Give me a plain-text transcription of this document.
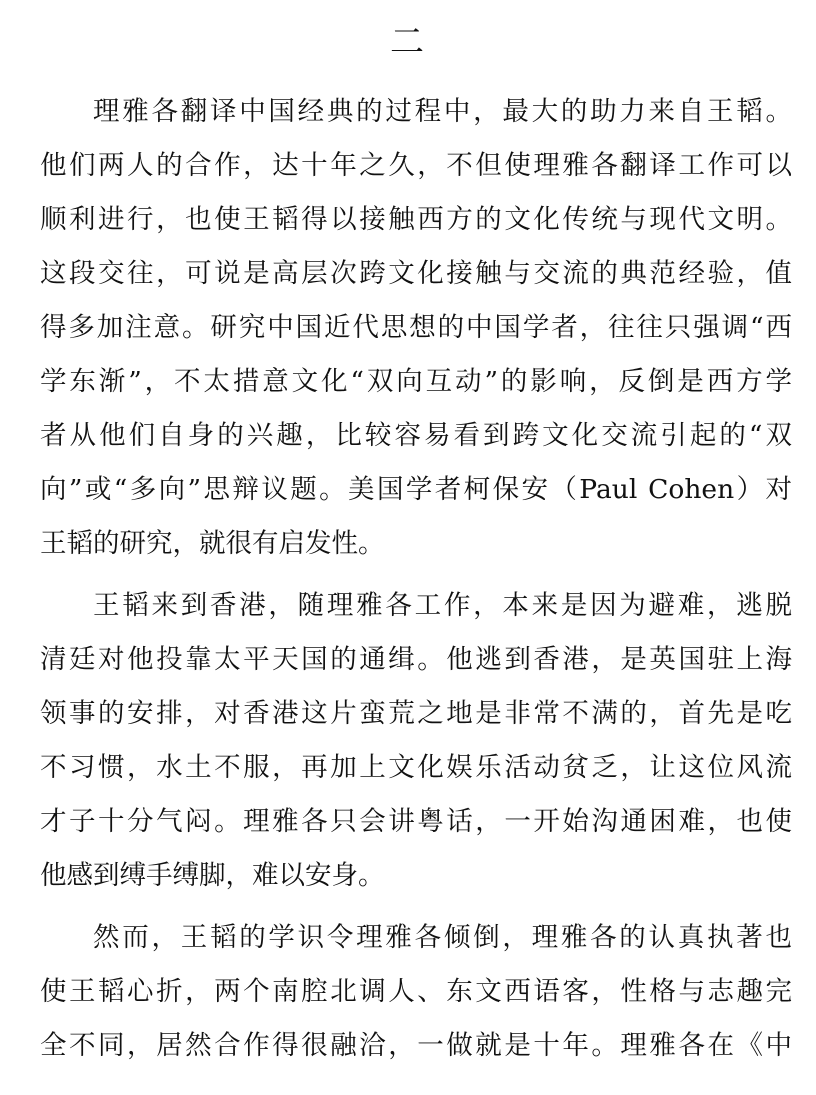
二
理雅各翻译中国经典的过程中，最大的助力来自王韬。
他们两人的合作，达十年之久，不但使理雅各翻译工作可以
顺利进行，也使王韬得以接触西方的文化传统与现代文明。
这段交往，可说是高层次跨文化接触与交流的典范经验，值
得多加注意。研究中国近代思想的中国学者，往往只强调“西
学东渐”，不太措意文化“双向互动”的影响，反倒是西方学
者从他们自身的兴趣，比较容易看到跨文化交流引起的“双
向”或“多向”思辩议题。美国学者柯保安（Paul Cohen）对
王韬的研究，就很有启发性。
王韬来到香港，随理雅各工作，本来是因为避难，逃脱
清廷对他投靠太平天国的通缉。他逃到香港，是英国驻上海
领事的安排，对香港这片蛮荒之地是非常不满的，首先是吃
不习惯，水土不服，再加上文化娱乐活动贫乏，让这位风流
才子十分气闷。理雅各只会讲粤话，一开始沟通困难，也使
他感到缚手缚脚，难以安身。
然而，王韬的学识令理雅各倾倒，理雅各的认真执著也
使王韬心折，两个南腔北调人、东文西语客，性格与志趣完
全不同，居然合作得很融洽，一做就是十年。理雅各在《中
